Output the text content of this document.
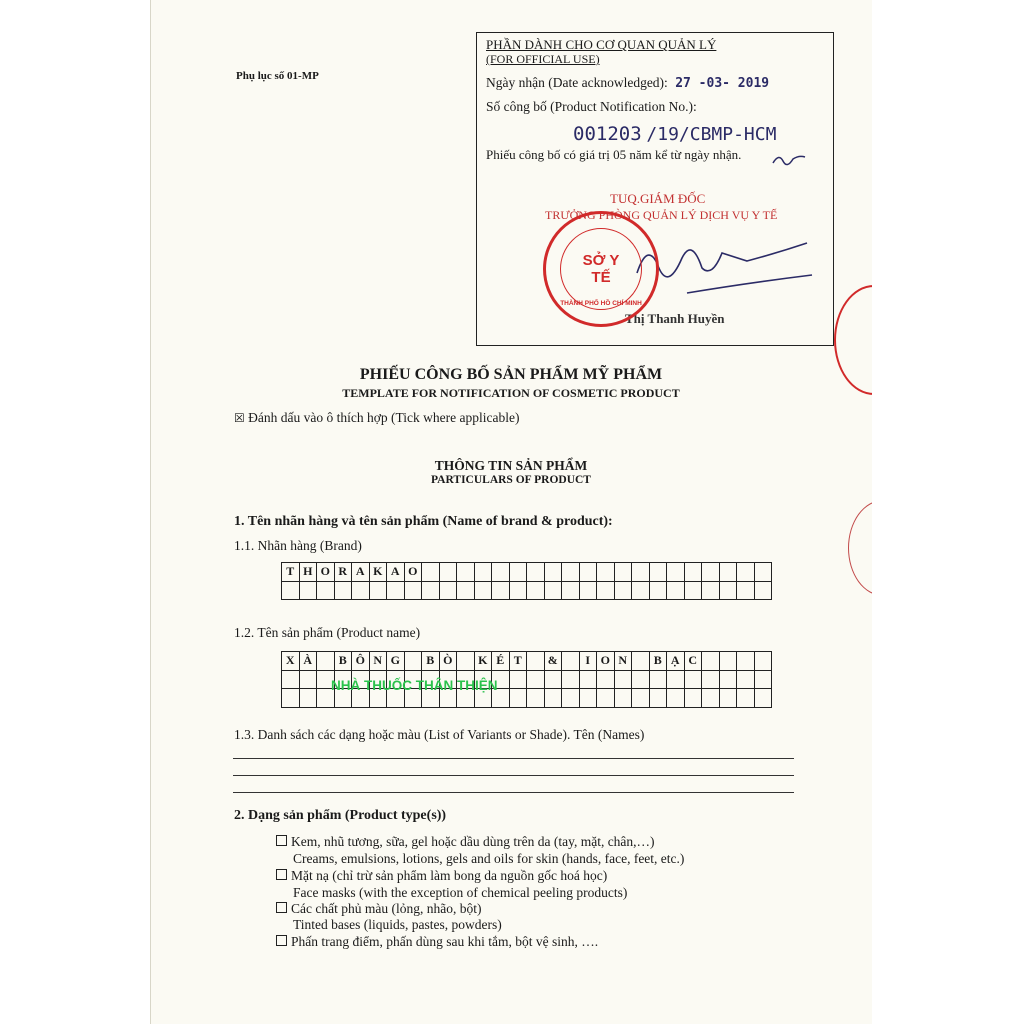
Phụ lục số 01-MP
PHẦN DÀNH CHO CƠ QUAN QUẢN LÝ
(FOR OFFICIAL USE)
Ngày nhận (Date acknowledged): 27 -03- 2019
Số công bố (Product Notification No.):
001203 /19/CBMP-HCM
Phiếu công bố có giá trị 05 năm kể từ ngày nhận.
TUQ.GIÁM ĐỐC
TRƯỞNG PHÒNG QUẢN LÝ DỊCH VỤ Y TẾ
Thị Thanh Huyền
SỞ Y TẾ
THÀNH PHỐ HỒ CHÍ MINH
PHIẾU CÔNG BỐ SẢN PHẨM MỸ PHẨM
TEMPLATE FOR NOTIFICATION OF COSMETIC PRODUCT
☒ Đánh dấu vào ô thích hợp (Tick where applicable)
THÔNG TIN SẢN PHẨM
PARTICULARS OF PRODUCT
1. Tên nhãn hàng và tên sản phẩm (Name of brand & product):
1.1. Nhãn hàng (Brand)
T	H	O	R	A	K	A	O																				

1.2. Tên sản phẩm (Product name)
X	À		B	Ô	N	G		B	Ò		K	É	T		&		I	O	N		B	Ạ	C				

NHÀ THUỐC THÂN THIỆN
1.3. Danh sách các dạng hoặc màu (List of Variants or Shade). Tên (Names)
2. Dạng sản phẩm (Product type(s))
Kem, nhũ tương, sữa, gel hoặc dầu dùng trên da (tay, mặt, chân,…)
Creams, emulsions, lotions, gels and oils for skin (hands, face, feet, etc.)
Mặt nạ (chỉ trừ sản phẩm làm bong da nguồn gốc hoá học)
Face masks (with the exception of chemical peeling products)
Các chất phủ màu (lỏng, nhão, bột)
Tinted bases (liquids, pastes, powders)
Phấn trang điểm, phấn dùng sau khi tắm, bột vệ sinh, ….
